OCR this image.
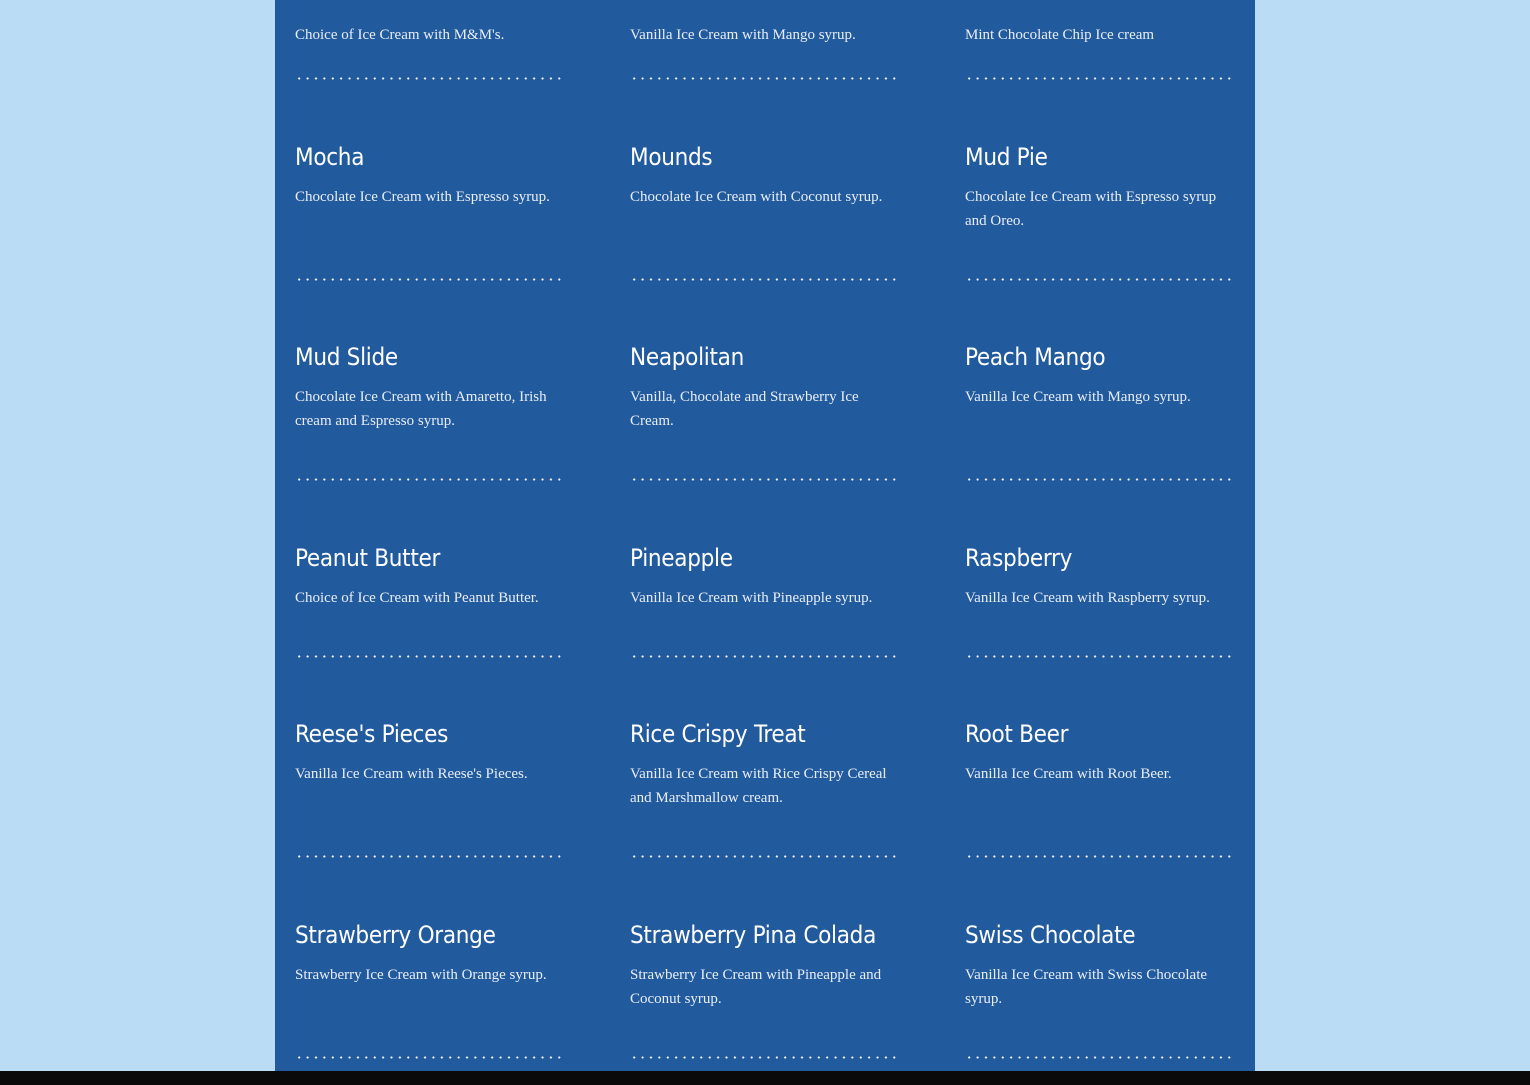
Choice of Ice Cream with M&M's.	Vanilla Ice Cream with Mango syrup.	Mint Chocolate Chip Ice cream

Mocha

Chocolate Ice Cream with Espresso syrup.

Mounds

Chocolate Ice Cream with Coconut syrup.

Mud Pie

Chocolate Ice Cream with Espresso syrup and Oreo.

Mud Slide

Chocolate Ice Cream with Amaretto, Irish cream and Espresso syrup.

Neapolitan

Vanilla, Chocolate and Strawberry Ice Cream.

Peach Mango

Vanilla Ice Cream with Mango syrup.

Peanut Butter

Choice of Ice Cream with Peanut Butter.

Pineapple

Vanilla Ice Cream with Pineapple syrup.

Raspberry

Vanilla Ice Cream with Raspberry syrup.

Reese's Pieces

Vanilla Ice Cream with Reese's Pieces.

Rice Crispy Treat

Vanilla Ice Cream with Rice Crispy Cereal and Marshmallow cream.

Root Beer

Vanilla Ice Cream with Root Beer.

Strawberry Orange

Strawberry Ice Cream with Orange syrup.

Strawberry Pina Colada

Strawberry Ice Cream with Pineapple and Coconut syrup.

Swiss Chocolate

Vanilla Ice Cream with Swiss Chocolate syrup.
